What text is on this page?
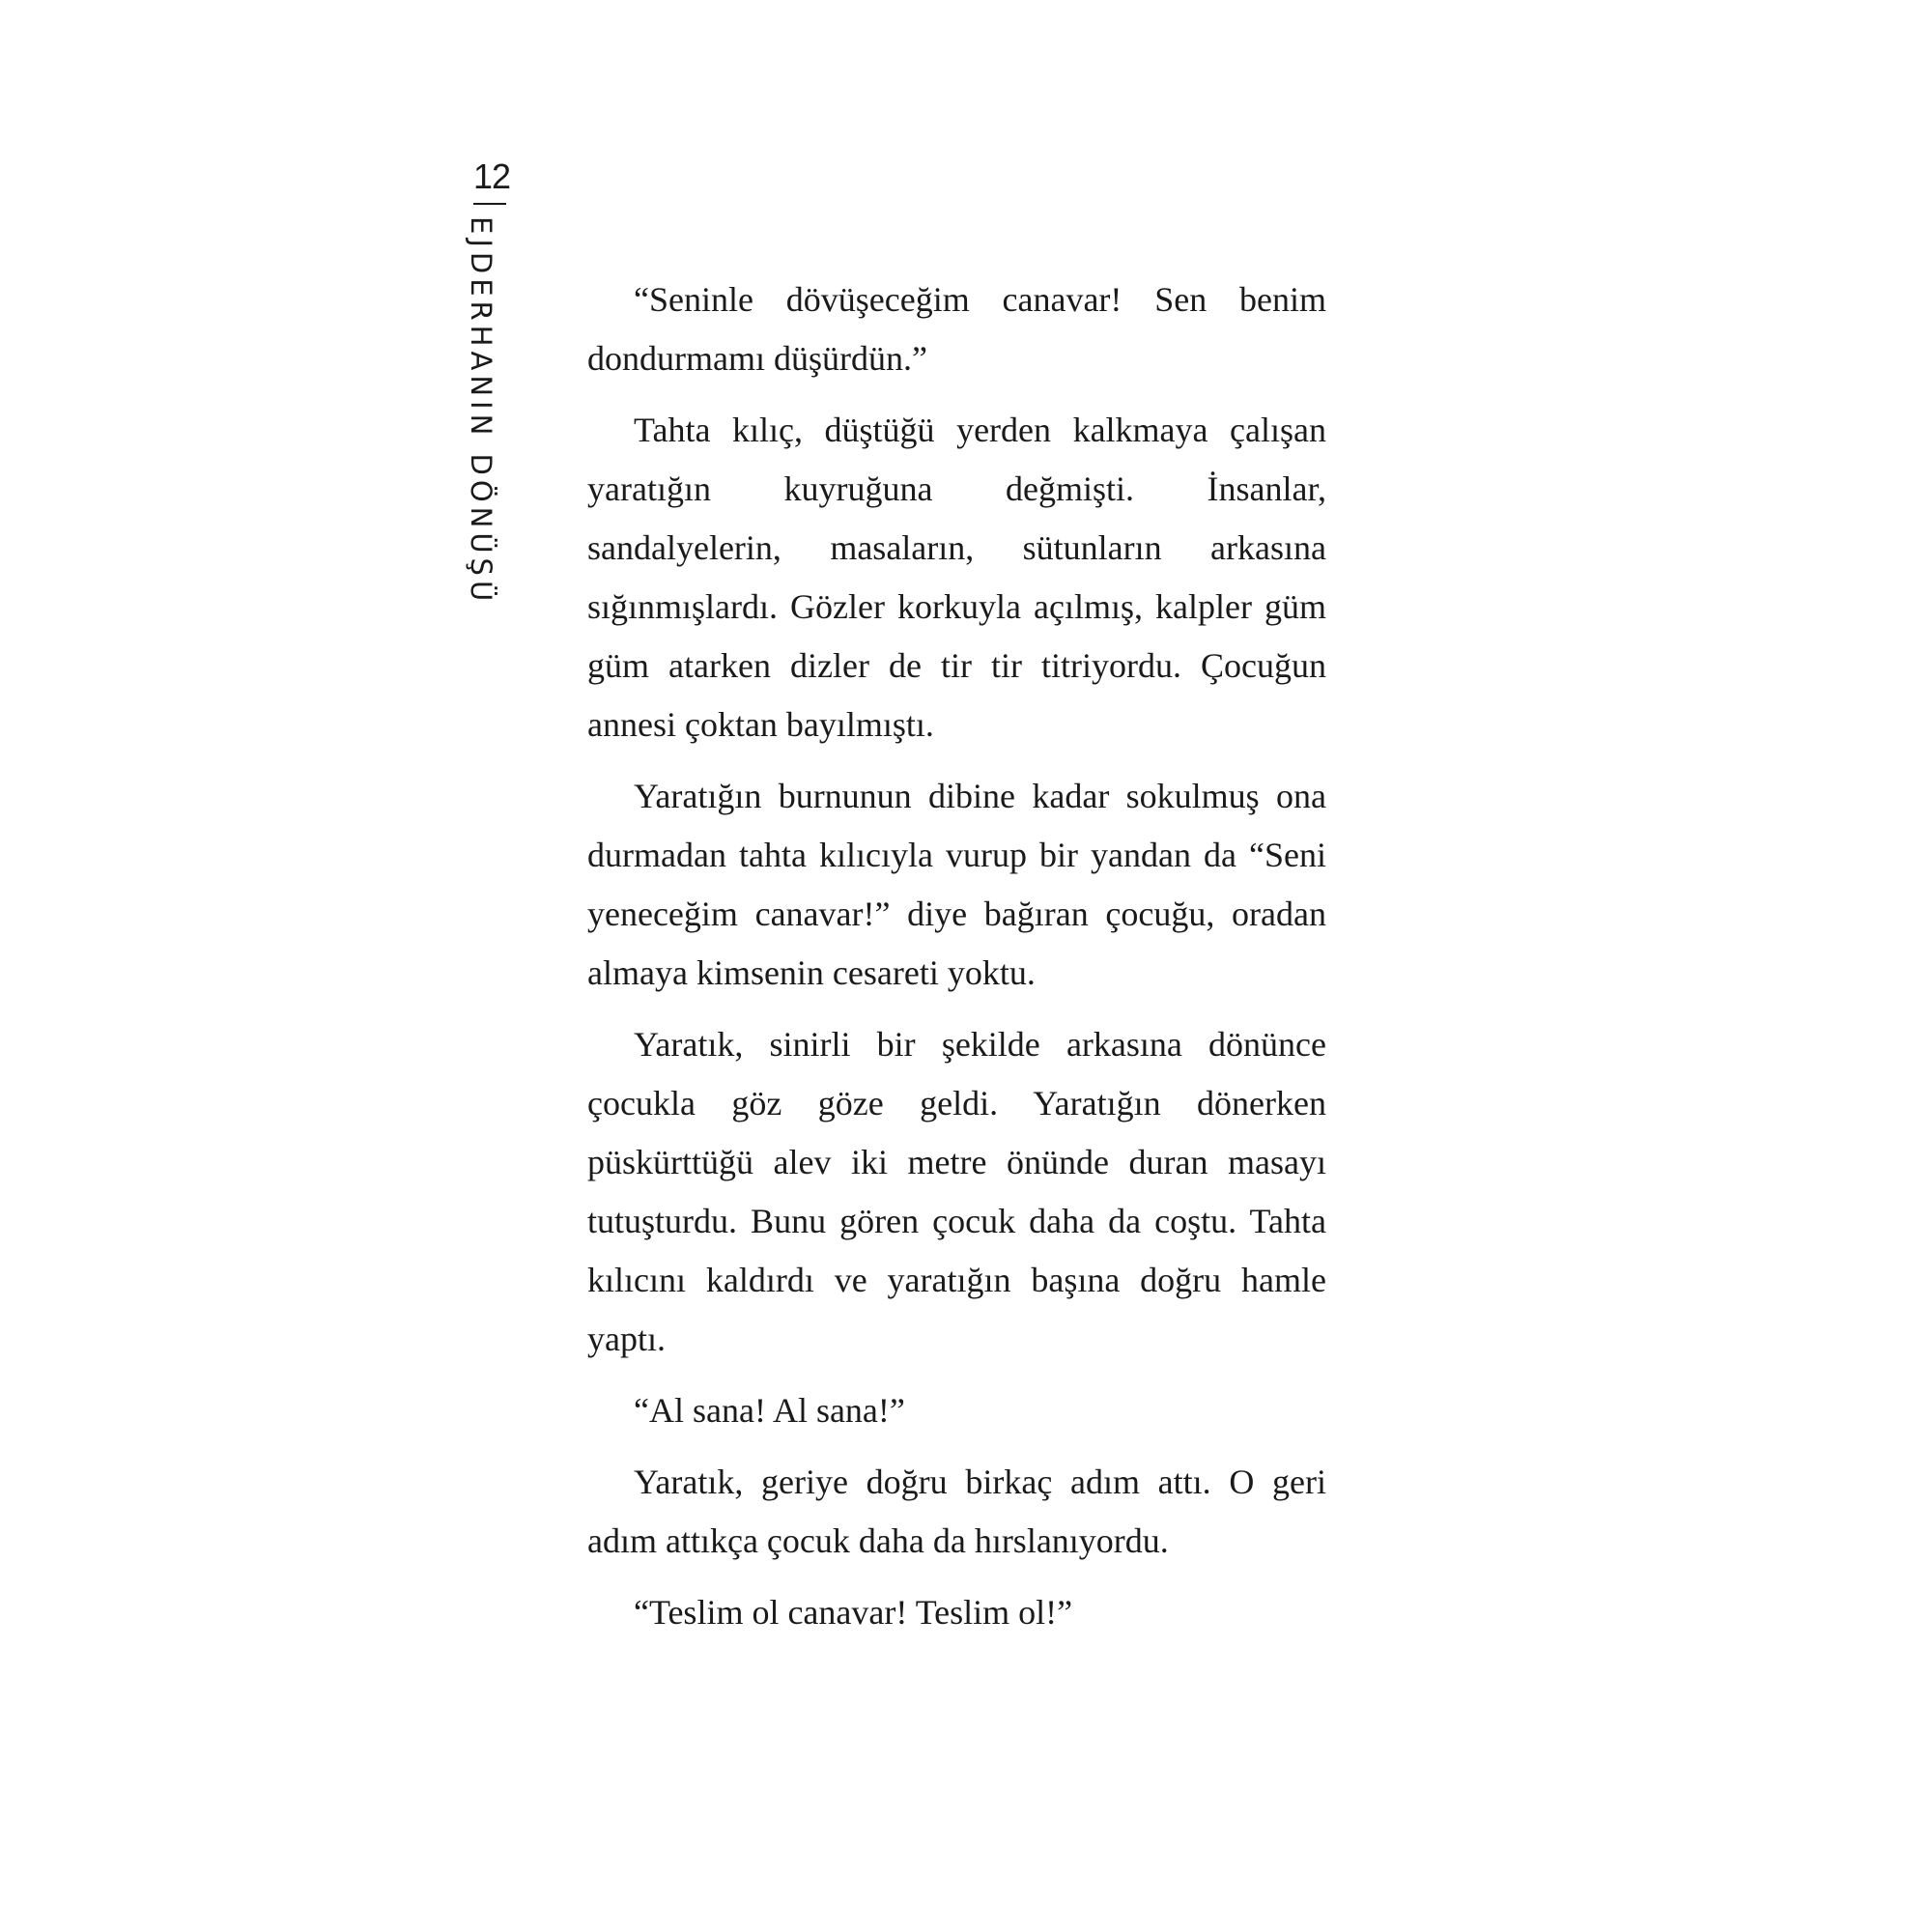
12
EJDERHANIN DÖNÜŞÜ	“Seninle dövüşeceğim canavar! Sen benim dondurmamı düşürdün.”

Tahta kılıç, düştüğü yerden kalkmaya çalışan yaratığın kuyruğuna değmişti. İnsanlar, sandalyelerin, masaların, sütunların arkasına sığınmışlardı. Gözler korkuyla açılmış, kalpler güm güm atarken dizler de tir tir titriyordu. Çocuğun annesi çoktan bayılmıştı.

Yaratığın burnunun dibine kadar sokulmuş ona durmadan tahta kılıcıyla vurup bir yandan da “Seni yeneceğim canavar!” diye bağıran çocuğu, oradan almaya kimsenin cesareti yoktu.

Yaratık, sinirli bir şekilde arkasına dönünce çocukla göz göze geldi. Yaratığın dönerken püskürttüğü alev iki metre önünde duran masayı tutuşturdu. Bunu gören çocuk daha da coştu. Tahta kılıcını kaldırdı ve yaratığın başına doğru hamle yaptı.

“Al sana! Al sana!”

Yaratık, geriye doğru birkaç adım attı. O geri adım attıkça çocuk daha da hırslanıyordu.

“Teslim ol canavar! Teslim ol!”
